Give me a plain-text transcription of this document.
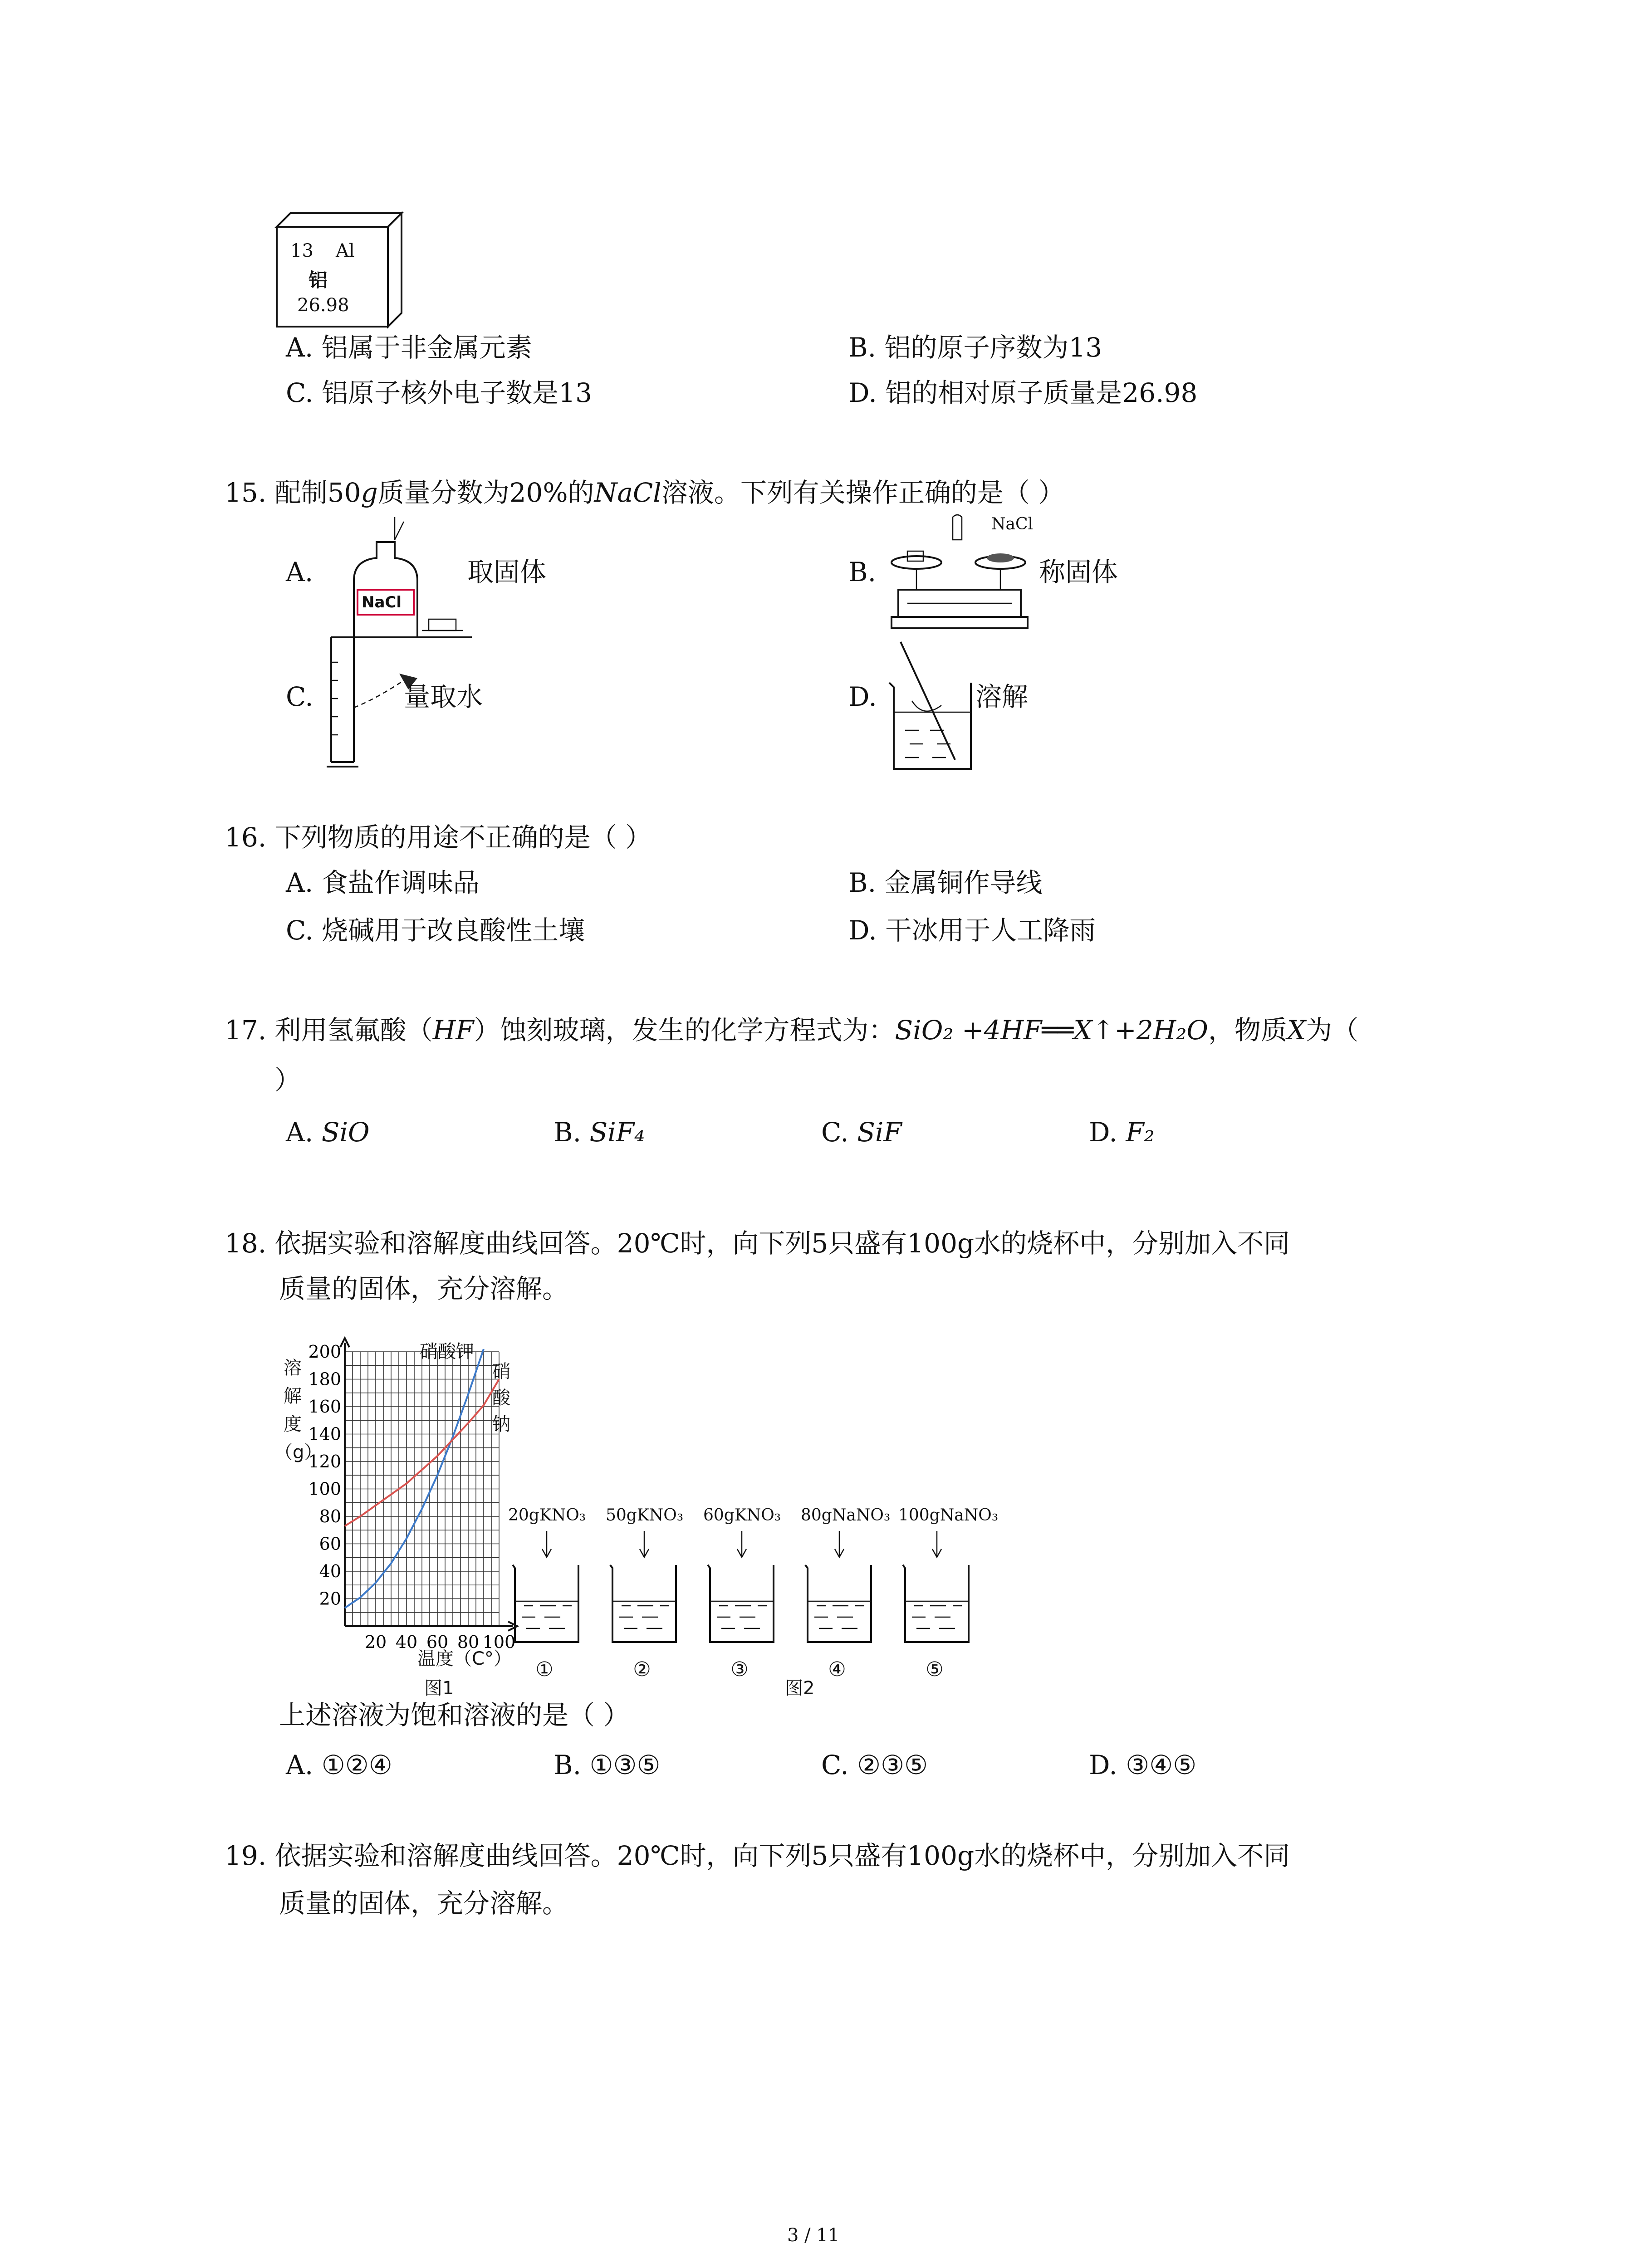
13 Al
铝
26.98
A. 铝属于非金属元素	B. 铝的原子序数为13
C. 铝原子核外电子数是13	D. 铝的相对原子质量是26.98
15. 配制50g质量分数为20%的NaCl溶液。下列有关操作正确的是（ ）
A.
NaCl
取固体	B.
NaCl
称固体
C.	量取水	D.	溶解
16. 下列物质的用途不正确的是（ ）
A. 食盐作调味品	B. 金属铜作导线
C. 烧碱用于改良酸性土壤	D. 干冰用于人工降雨
17. 利用氢氟酸（HF）蚀刻玻璃，发生的化学方程式为：SiO₂ +4HF══X↑+2H₂O，物质X为（
）
A. SiO	B. SiF₄	C. SiF	D. F₂
18. 依据实验和溶解度曲线回答。20℃时，向下列5只盛有100g水的烧杯中，分别加入不同
质量的固体，充分溶解。
溶
解
度
（g）
20
40
60
80
100
120
140
160
180
200
20 40 60 80 100
硝酸钾
硝
酸
钠
温度（C°）
图1
20gKNO₃
①
50gKNO₃
②
60gKNO₃
③
80gNaNO₃
④
100gNaNO₃
⑤
图2
上述溶液为饱和溶液的是（ ）
A. ①②④	B. ①③⑤	C. ②③⑤	D. ③④⑤
19. 依据实验和溶解度曲线回答。20℃时，向下列5只盛有100g水的烧杯中，分别加入不同
质量的固体，充分溶解。
3 / 11
